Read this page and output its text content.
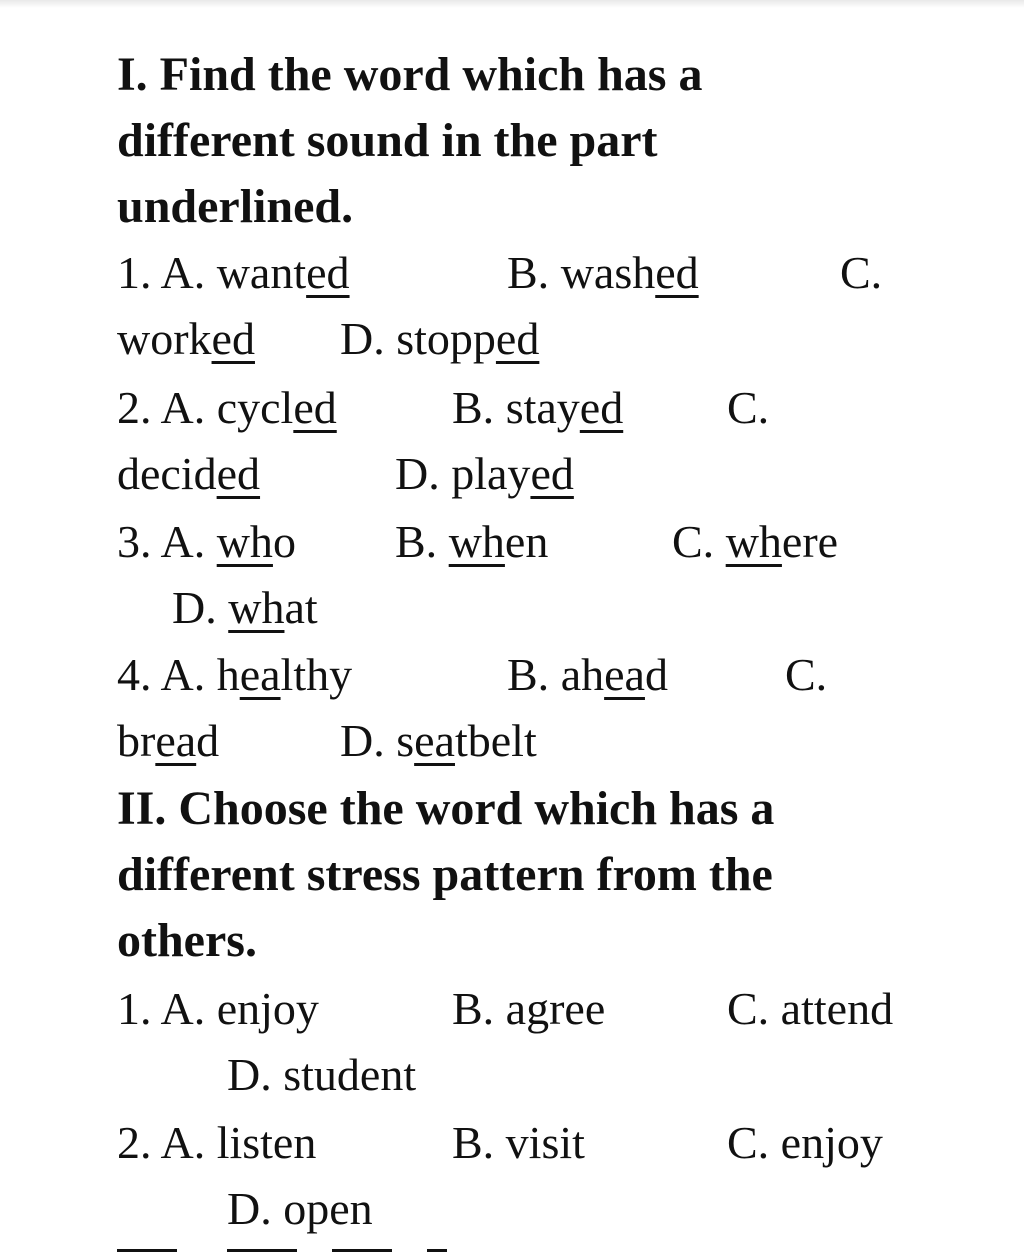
I. Find the word which has a
different sound in the part
underlined.
1. A. wanted	B. washed	C.
worked D. stopped
2. A. cycled	B. stayed C.
decided	D. played
3. A. who B. when	C. where
D. what
4. A. healthy	B. ahead	C.
bread	D. seatbelt
II. Choose the word which has a
different stress pattern from the
others.
1. A. enjoy	B. agree	C. attend
D. student
2. A. listen	B. visit	C. enjoy
D. open
